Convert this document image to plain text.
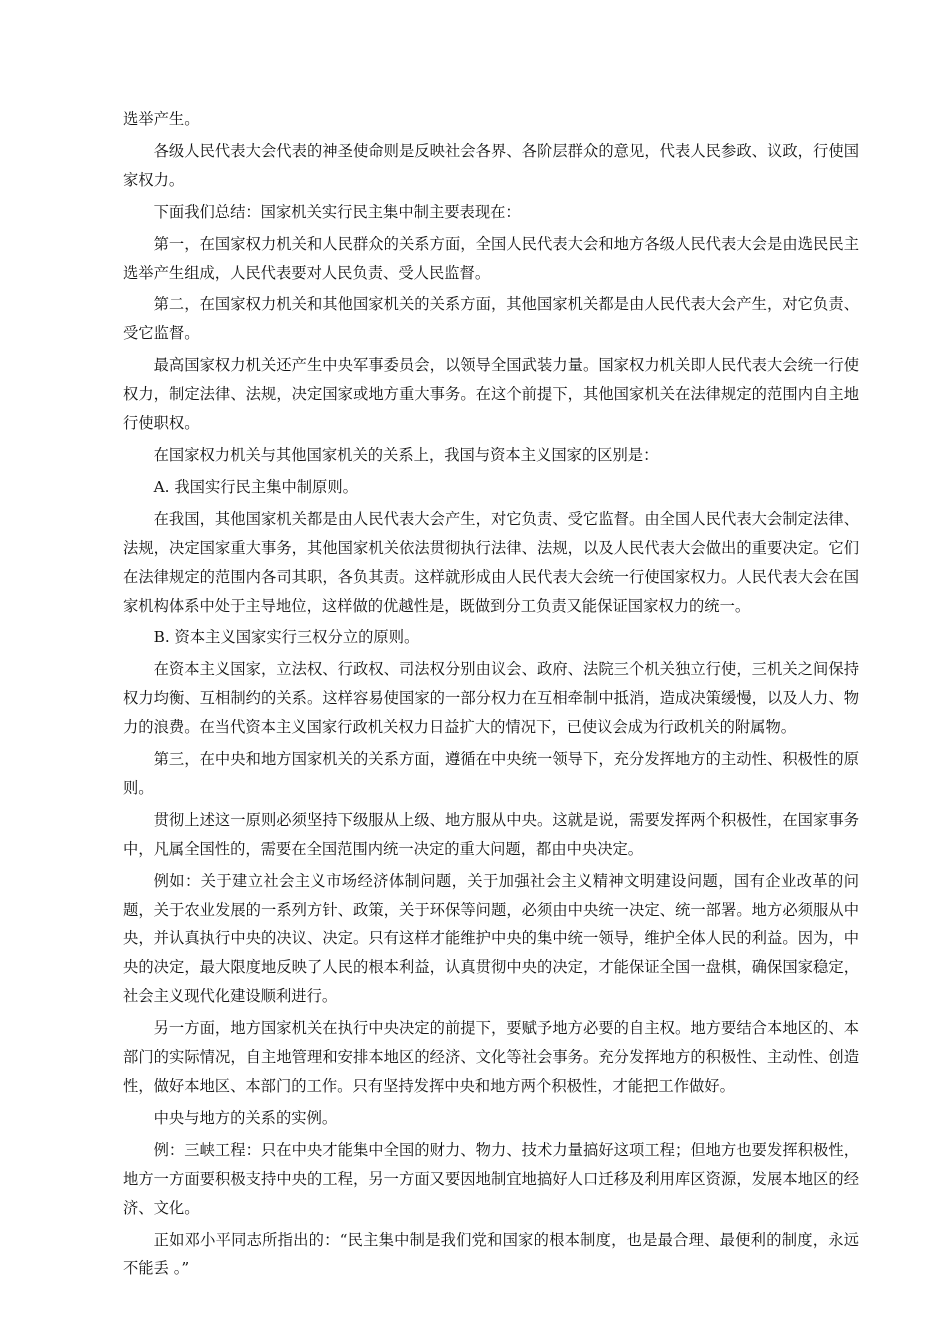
选举产生。

各级人民代表大会代表的神圣使命则是反映社会各界、各阶层群众的意见，代表人民参政、议政，行使国家权力。

下面我们总结：国家机关实行民主集中制主要表现在：

第一，在国家权力机关和人民群众的关系方面，全国人民代表大会和地方各级人民代表大会是由选民民主选举产生组成，人民代表要对人民负责、受人民监督。

第二，在国家权力机关和其他国家机关的关系方面，其他国家机关都是由人民代表大会产生，对它负责、受它监督。

最高国家权力机关还产生中央军事委员会，以领导全国武装力量。国家权力机关即人民代表大会统一行使权力，制定法律、法规，决定国家或地方重大事务。在这个前提下，其他国家机关在法律规定的范围内自主地行使职权。

在国家权力机关与其他国家机关的关系上，我国与资本主义国家的区别是：

A. 我国实行民主集中制原则。

在我国，其他国家机关都是由人民代表大会产生，对它负责、受它监督。由全国人民代表大会制定法律、法规，决定国家重大事务，其他国家机关依法贯彻执行法律、法规，以及人民代表大会做出的重要决定。它们在法律规定的范围内各司其职，各负其责。这样就形成由人民代表大会统一行使国家权力。人民代表大会在国家机构体系中处于主导地位，这样做的优越性是，既做到分工负责又能保证国家权力的统一。

B. 资本主义国家实行三权分立的原则。

在资本主义国家，立法权、行政权、司法权分别由议会、政府、法院三个机关独立行使，三机关之间保持权力均衡、互相制约的关系。这样容易使国家的一部分权力在互相牵制中抵消，造成决策缓慢，以及人力、物力的浪费。在当代资本主义国家行政机关权力日益扩大的情况下，已使议会成为行政机关的附属物。

第三，在中央和地方国家机关的关系方面，遵循在中央统一领导下，充分发挥地方的主动性、积极性的原则。

贯彻上述这一原则必须坚持下级服从上级、地方服从中央。这就是说，需要发挥两个积极性，在国家事务中，凡属全国性的，需要在全国范围内统一决定的重大问题，都由中央决定。

例如：关于建立社会主义市场经济体制问题，关于加强社会主义精神文明建设问题，国有企业改革的问题，关于农业发展的一系列方针、政策，关于环保等问题，必须由中央统一决定、统一部署。地方必须服从中央，并认真执行中央的决议、决定。只有这样才能维护中央的集中统一领导，维护全体人民的利益。因为，中央的决定，最大限度地反映了人民的根本利益，认真贯彻中央的决定，才能保证全国一盘棋，确保国家稳定，社会主义现代化建设顺利进行。

另一方面，地方国家机关在执行中央决定的前提下，要赋予地方必要的自主权。地方要结合本地区的、本部门的实际情况，自主地管理和安排本地区的经济、文化等社会事务。充分发挥地方的积极性、主动性、创造性，做好本地区、本部门的工作。只有坚持发挥中央和地方两个积极性，才能把工作做好。

中央与地方的关系的实例。

例：三峡工程：只在中央才能集中全国的财力、物力、技术力量搞好这项工程；但地方也要发挥积极性，地方一方面要积极支持中央的工程，另一方面又要因地制宜地搞好人口迁移及利用库区资源，发展本地区的经济、文化。

正如邓小平同志所指出的：“民主集中制是我们党和国家的根本制度，也是最合理、最便利的制度，永远不能丢 。”
